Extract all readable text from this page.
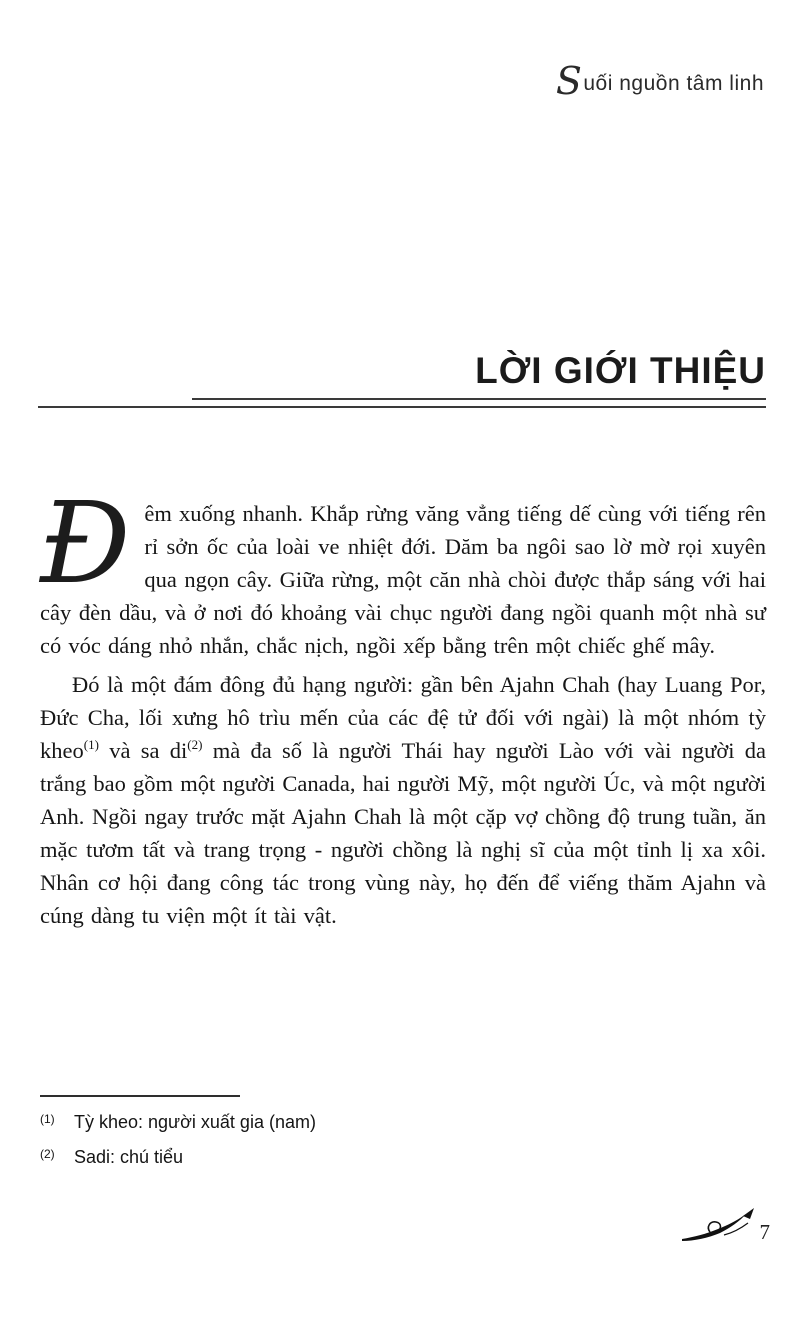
Suối nguồn tâm linh
LỜI GIỚI THIỆU

Đêm xuống nhanh. Khắp rừng văng vẳng tiếng dế cùng với tiếng rên rỉ sởn ốc của loài ve nhiệt đới. Dăm ba ngôi sao lờ mờ rọi xuyên qua ngọn cây. Giữa rừng, một căn nhà chòi được thắp sáng với hai cây đèn dầu, và ở nơi đó khoảng vài chục người đang ngồi quanh một nhà sư có vóc dáng nhỏ nhắn, chắc nịch, ngồi xếp bằng trên một chiếc ghế mây.

Đó là một đám đông đủ hạng người: gần bên Ajahn Chah (hay Luang Por, Đức Cha, lối xưng hô trìu mến của các đệ tử đối với ngài) là một nhóm tỳ kheo$^{(1)}$ và sa di$^{(2)}$ mà đa số là người Thái hay người Lào với vài người da trắng bao gồm một người Canada, hai người Mỹ, một người Úc, và một người Anh. Ngồi ngay trước mặt Ajahn Chah là một cặp vợ chồng độ trung tuần, ăn mặc tươm tất và trang trọng - người chồng là nghị sĩ của một tỉnh lị xa xôi. Nhân cơ hội đang công tác trong vùng này, họ đến để viếng thăm Ajahn và cúng dàng tu viện một ít tài vật.

(1)	Tỳ kheo: người xuất gia (nam)
(2)	Sadi: chú tiểu
7
